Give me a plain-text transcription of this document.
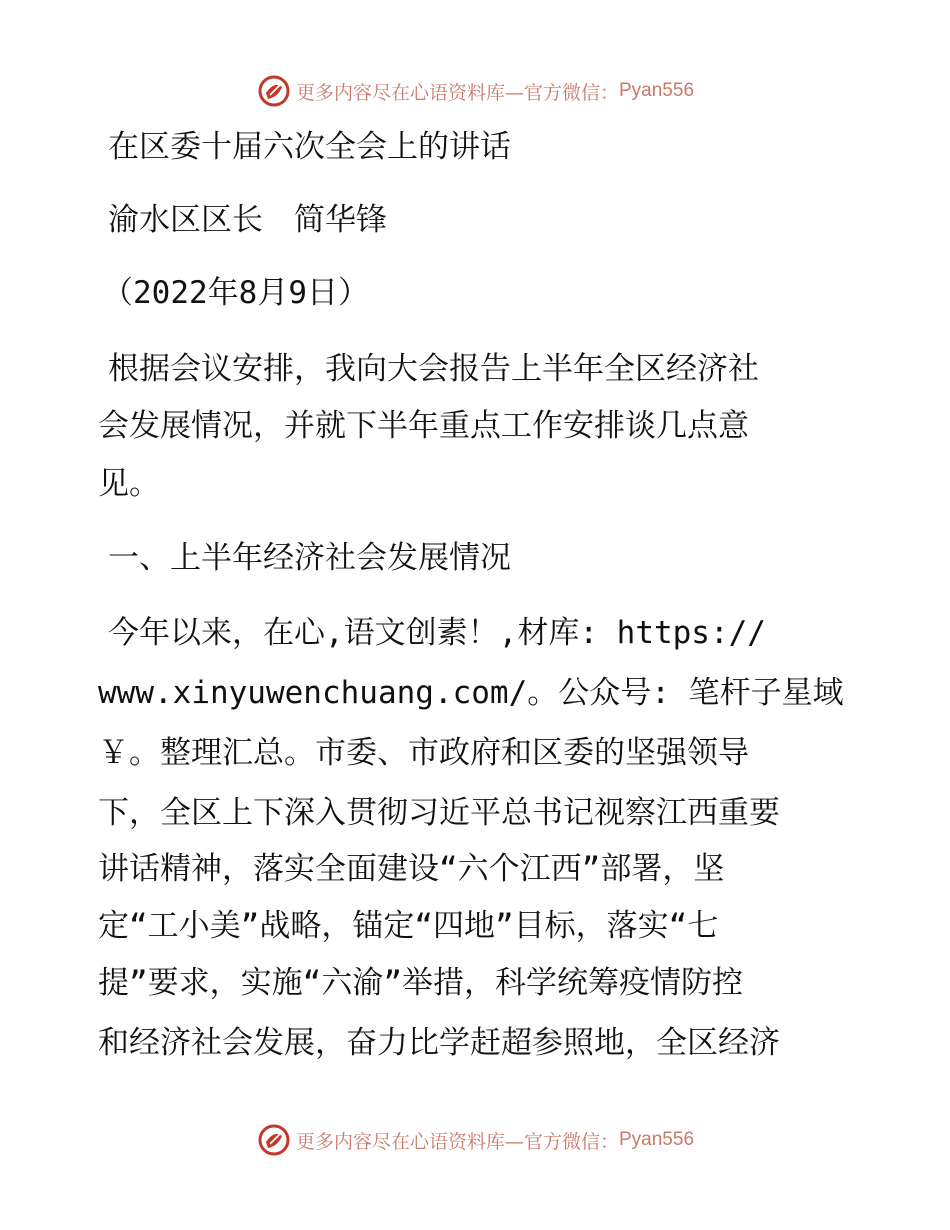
更多内容尽在心语资料库—官方微信： Pyan556
在区委十届六次全会上的讲话
渝水区区长　简华锋
（2022年8月9日）
根据会议安排，我向大会报告上半年全区经济社
会发展情况，并就下半年重点工作安排谈几点意
见。
一、上半年经济社会发展情况
今年以来，在心,语文创素！,材库: https://
www.xinyuwenchuang.com/。公众号: 笔杆子星域
￥。整理汇总。市委、市政府和区委的坚强领导
下，全区上下深入贯彻习近平总书记视察江西重要
讲话精神，落实全面建设“六个江西”部署，坚
定“工小美”战略，锚定“四地”目标，落实“七
提”要求，实施“六渝”举措，科学统筹疫情防控
和经济社会发展，奋力比学赶超参照地，全区经济
更多内容尽在心语资料库—官方微信： Pyan556
